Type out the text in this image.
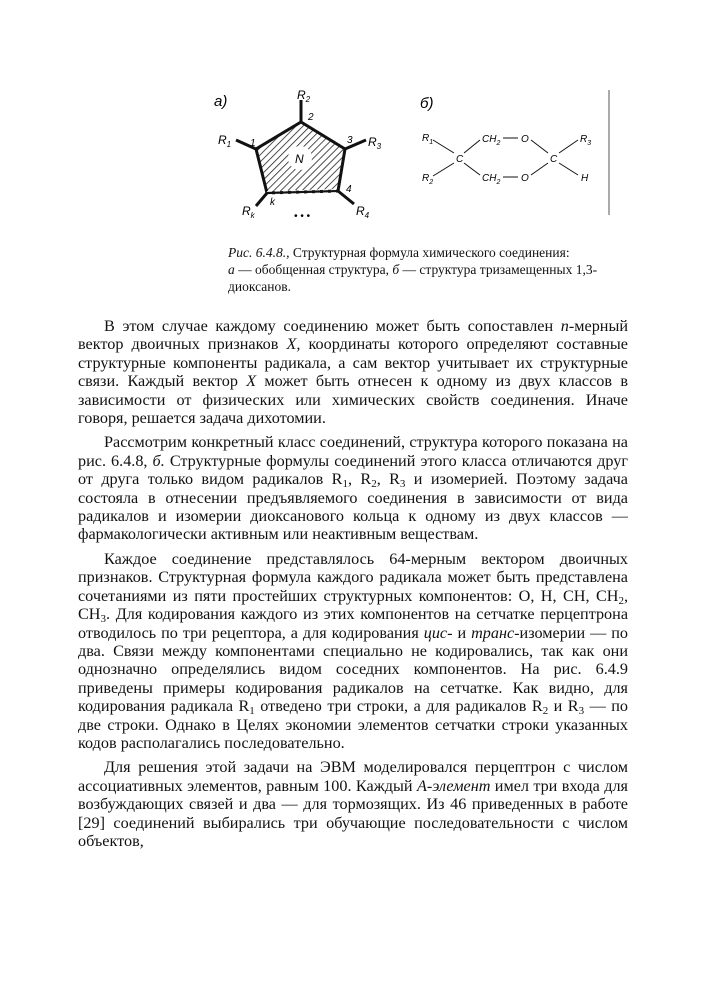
а)
N
$R_2$
$R_1$	$R_3$
$R_4$
$R_k$
2
1	3
4
k
• • •
б)
$R_1$
$R_2$
C
$CH_2$
$CH_2$
O
O
C
$R_3$
H
Рис. 6.4.8., Структурная формула химического соединения:
а — обобщенная структура, б — структура тризамещенных 1,3-диоксанов.

В этом случае каждому соединению может быть сопоставлен n-мерный вектор двоичных признаков X, координаты которого определяют составные структурные компоненты радикала, а сам вектор учитывает их структурные связи. Каждый вектор X может быть отнесен к одному из двух классов в зависимости от физических или химических свойств соединения. Иначе говоря, решается задача дихотомии.

Рассмотрим конкретный класс соединений, структура которого показана на рис. 6.4.8, б. Структурные формулы соединений этого класса отличаются друг от друга только видом радикалов $R_1$, $R_2$, $R_3$ и изомерией. Поэтому задача состояла в отнесении предъявляемого соединения в зависимости от вида радикалов и изомерии диоксанового кольца к одному из двух классов — фармакологически активным или неактивным веществам.

Каждое соединение представлялось 64-мерным вектором двоичных признаков. Структурная формула каждого радикала может быть представлена сочетаниями из пяти простейших структурных компонентов: О, Н, СН, $СН_2$, $СН_3$. Для кодирования каждого из этих компонентов на сетчатке перцептрона отводилось по три рецептора, а для кодирования цис- и транс-изомерии — по два. Связи между компонентами специально не кодировались, так как они однозначно определялись видом соседних компонентов. На рис. 6.4.9 приведены примеры кодирования радикалов на сетчатке. Как видно, для кодирования радикала $R_1$ отведено три строки, а для радикалов $R_2$ и $R_3$ — по две строки. Однако в Целях экономии элементов сетчатки строки указанных кодов располагались последовательно.

Для решения этой задачи на ЭВМ моделировался перцептрон с числом ассоциативных элементов, равным 100. Каждый А-элемент имел три входа для возбуждающих связей и два — для тормозящих. Из 46 приведенных в работе [29] соединений выбирались три обучающие последовательности с числом объектов,
